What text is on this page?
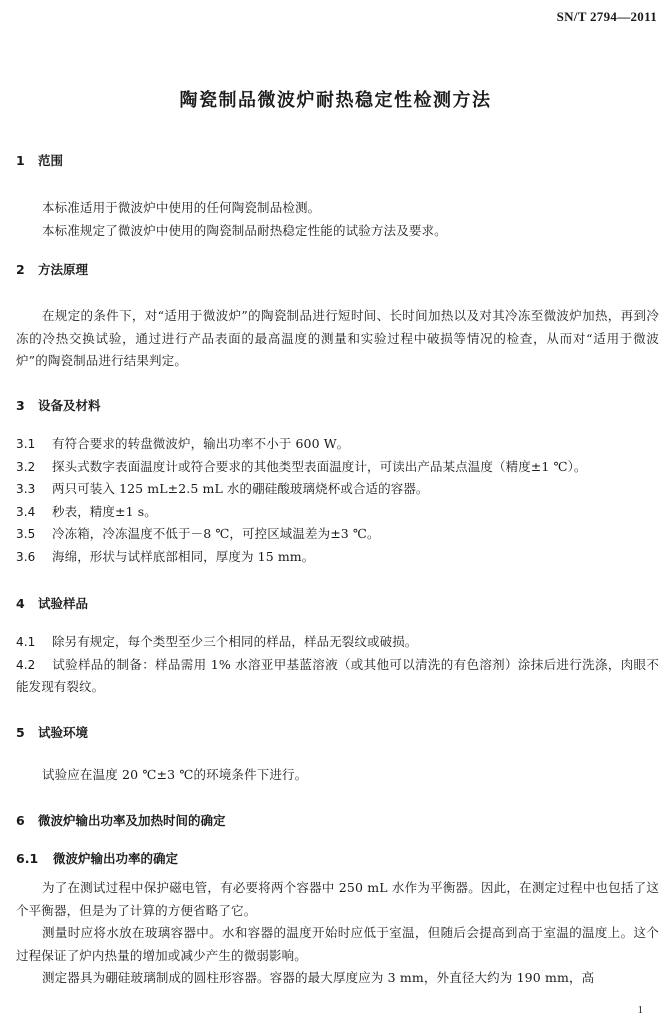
SN/T 2794—2011
陶瓷制品微波炉耐热稳定性检测方法

1 范围

本标准适用于微波炉中使用的任何陶瓷制品检测。

本标准规定了微波炉中使用的陶瓷制品耐热稳定性能的试验方法及要求。

2 方法原理

在规定的条件下，对“适用于微波炉”的陶瓷制品进行短时间、长时间加热以及对其冷冻至微波炉加热，再到冷冻的冷热交换试验，通过进行产品表面的最高温度的测量和实验过程中破损等情况的检查，从而对“适用于微波炉”的陶瓷制品进行结果判定。

3 设备及材料

3.1 有符合要求的转盘微波炉，输出功率不小于 600 W。

3.2 探头式数字表面温度计或符合要求的其他类型表面温度计，可读出产品某点温度（精度±1 ℃）。

3.3 两只可装入 125 mL±2.5 mL 水的硼硅酸玻璃烧杯或合适的容器。

3.4 秒表，精度±1 s。

3.5 冷冻箱，冷冻温度不低于－8 ℃，可控区域温差为±3 ℃。

3.6 海绵，形状与试样底部相同，厚度为 15 mm。

4 试验样品

4.1 除另有规定，每个类型至少三个相同的样品，样品无裂纹或破损。

4.2 试验样品的制备：样品需用 1% 水溶亚甲基蓝溶液（或其他可以清洗的有色溶剂）涂抹后进行洗涤，肉眼不能发现有裂纹。

5 试验环境

试验应在温度 20 ℃±3 ℃的环境条件下进行。

6 微波炉输出功率及加热时间的确定

6.1 微波炉输出功率的确定

为了在测试过程中保护磁电管，有必要将两个容器中 250 mL 水作为平衡器。因此，在测定过程中也包括了这个平衡器，但是为了计算的方便省略了它。

测量时应将水放在玻璃容器中。水和容器的温度开始时应低于室温，但随后会提高到高于室温的温度上。这个过程保证了炉内热量的增加或减少产生的微弱影响。

测定器具为硼硅玻璃制成的圆柱形容器。容器的最大厚度应为 3 mm，外直径大约为 190 mm，高

1
